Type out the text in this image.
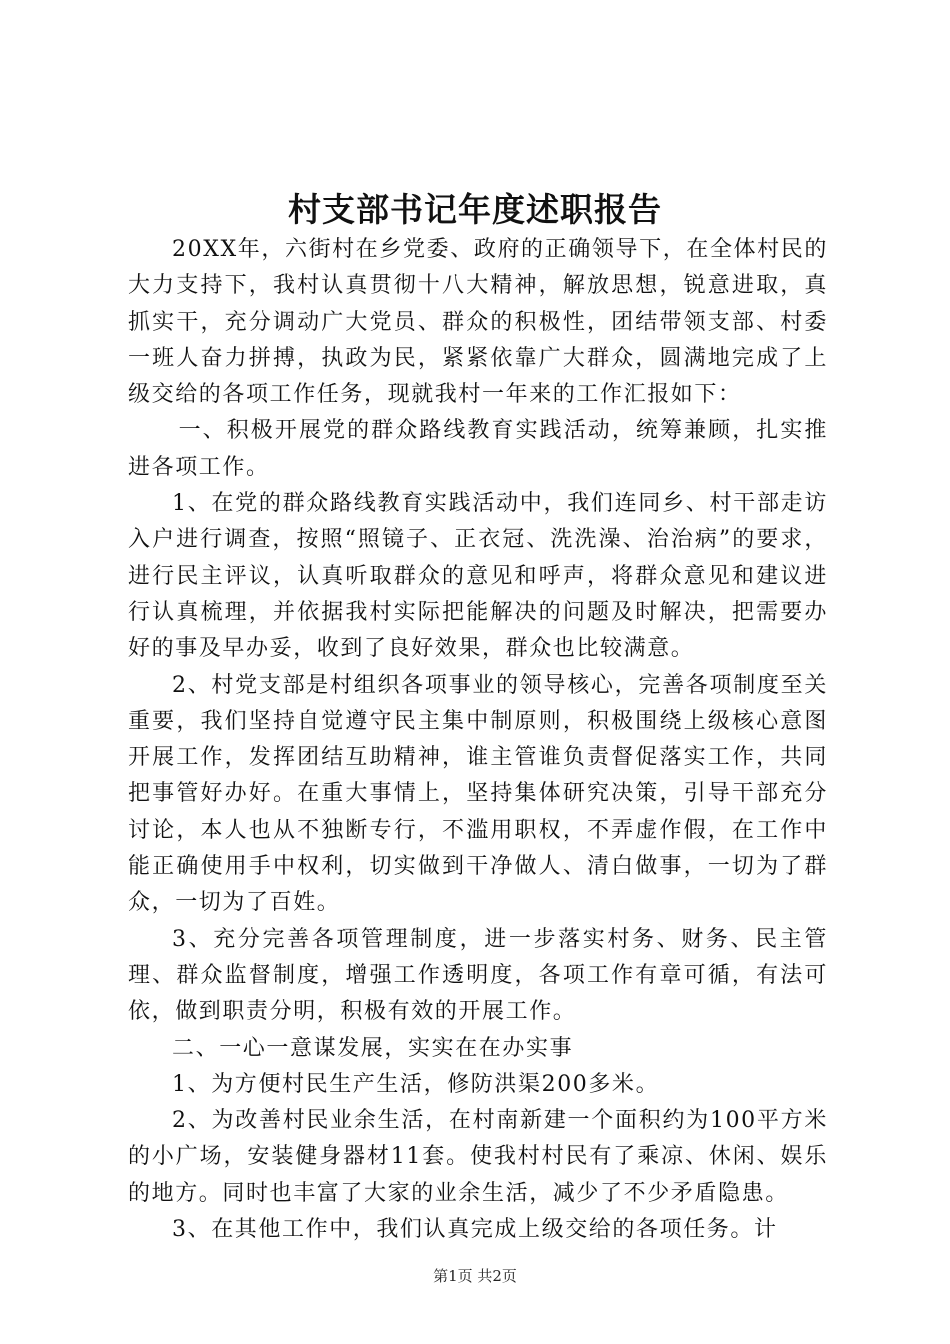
村支部书记年度述职报告

20XX年，六街村在乡党委、政府的正确领导下，在全体村民的大力支持下，我村认真贯彻十八大精神，解放思想，锐意进取，真抓实干，充分调动广大党员、群众的积极性，团结带领支部、村委一班人奋力拼搏，执政为民，紧紧依靠广大群众，圆满地完成了上级交给的各项工作任务，现就我村一年来的工作汇报如下：

一、积极开展党的群众路线教育实践活动，统筹兼顾，扎实推进各项工作。

1、在党的群众路线教育实践活动中，我们连同乡、村干部走访入户进行调查，按照“照镜子、正衣冠、洗洗澡、治治病”的要求，进行民主评议，认真听取群众的意见和呼声，将群众意见和建议进行认真梳理，并依据我村实际把能解决的问题及时解决，把需要办好的事及早办妥，收到了良好效果，群众也比较满意。

2、村党支部是村组织各项事业的领导核心，完善各项制度至关重要，我们坚持自觉遵守民主集中制原则，积极围绕上级核心意图开展工作，发挥团结互助精神，谁主管谁负责督促落实工作，共同把事管好办好。在重大事情上，坚持集体研究决策，引导干部充分讨论，本人也从不独断专行，不滥用职权，不弄虚作假，在工作中能正确使用手中权利，切实做到干净做人、清白做事，一切为了群众，一切为了百姓。

3、充分完善各项管理制度，进一步落实村务、财务、民主管理、群众监督制度，增强工作透明度，各项工作有章可循，有法可依，做到职责分明，积极有效的开展工作。

二、一心一意谋发展，实实在在办实事

1、为方便村民生产生活，修防洪渠200多米。

2、为改善村民业余生活，在村南新建一个面积约为100平方米的小广场，安装健身器材11套。使我村村民有了乘凉、休闲、娱乐的地方。同时也丰富了大家的业余生活，减少了不少矛盾隐患。

3、在其他工作中，我们认真完成上级交给的各项任务。计

第1页 共2页
